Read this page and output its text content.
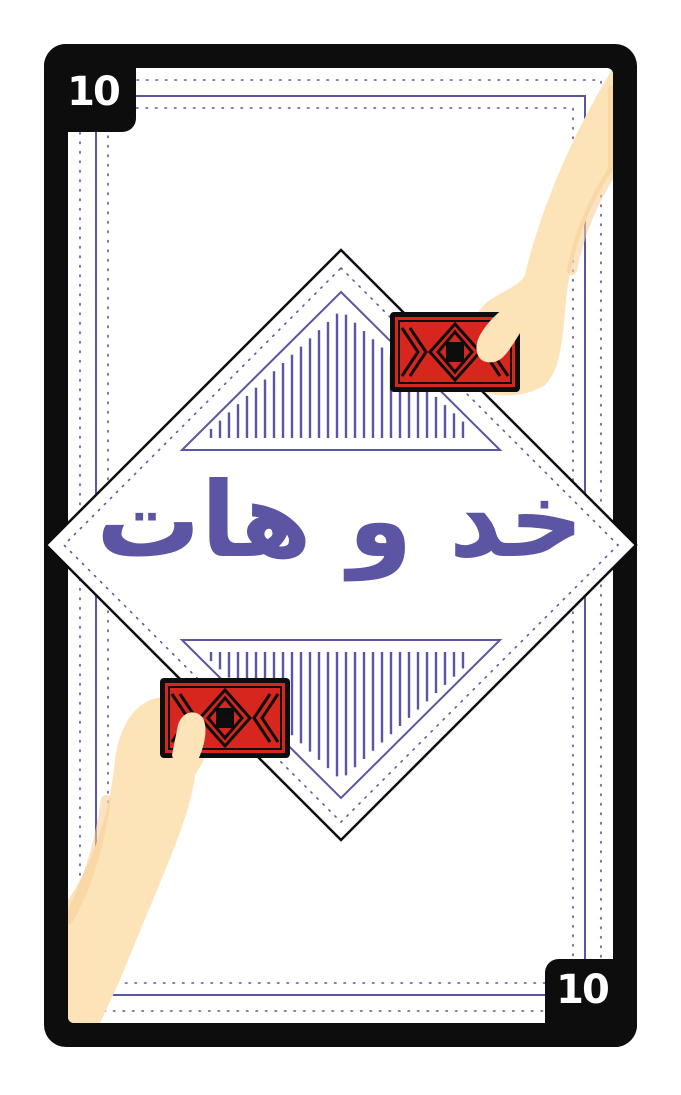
10
10
خد و هات
